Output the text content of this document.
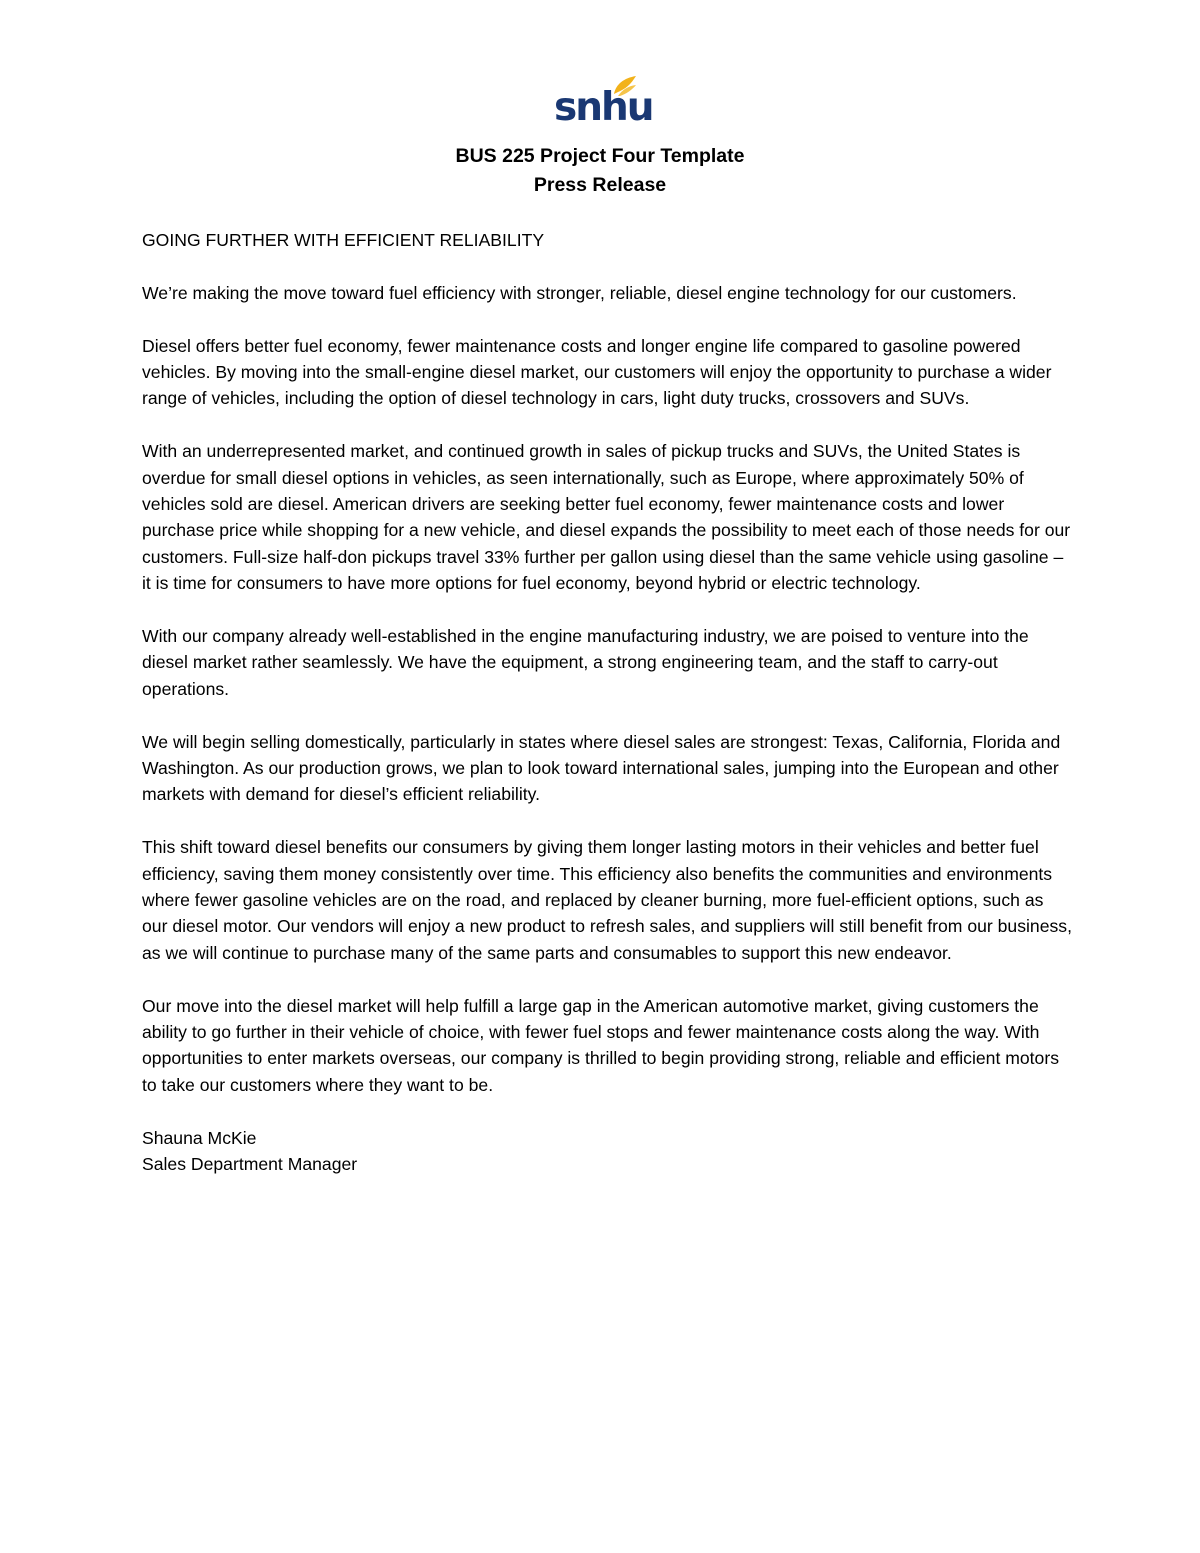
snhu
BUS 225 Project Four Template
Press Release

GOING FURTHER WITH EFFICIENT RELIABILITY

We’re making the move toward fuel efficiency with stronger, reliable, diesel engine technology for our customers.

Diesel offers better fuel economy, fewer maintenance costs and longer engine life compared to gasoline powered vehicles. By moving into the small-engine diesel market, our customers will enjoy the opportunity to purchase a wider range of vehicles, including the option of diesel technology in cars, light duty trucks, crossovers and SUVs.

With an underrepresented market, and continued growth in sales of pickup trucks and SUVs, the United States is overdue for small diesel options in vehicles, as seen internationally, such as Europe, where approximately 50% of vehicles sold are diesel. American drivers are seeking better fuel economy, fewer maintenance costs and lower purchase price while shopping for a new vehicle, and diesel expands the possibility to meet each of those needs for our customers. Full-size half-don pickups travel 33% further per gallon using diesel than the same vehicle using gasoline – it is time for consumers to have more options for fuel economy, beyond hybrid or electric technology.

With our company already well-established in the engine manufacturing industry, we are poised to venture into the diesel market rather seamlessly. We have the equipment, a strong engineering team, and the staff to carry-out operations.

We will begin selling domestically, particularly in states where diesel sales are strongest: Texas, California, Florida and Washington. As our production grows, we plan to look toward international sales, jumping into the European and other markets with demand for diesel’s efficient reliability.

This shift toward diesel benefits our consumers by giving them longer lasting motors in their vehicles and better fuel efficiency, saving them money consistently over time. This efficiency also benefits the communities and environments where fewer gasoline vehicles are on the road, and replaced by cleaner burning, more fuel-efficient options, such as our diesel motor. Our vendors will enjoy a new product to refresh sales, and suppliers will still benefit from our business, as we will continue to purchase many of the same parts and consumables to support this new endeavor.

Our move into the diesel market will help fulfill a large gap in the American automotive market, giving customers the ability to go further in their vehicle of choice, with fewer fuel stops and fewer maintenance costs along the way. With opportunities to enter markets overseas, our company is thrilled to begin providing strong, reliable and efficient motors to take our customers where they want to be.

Shauna McKie
Sales Department Manager
